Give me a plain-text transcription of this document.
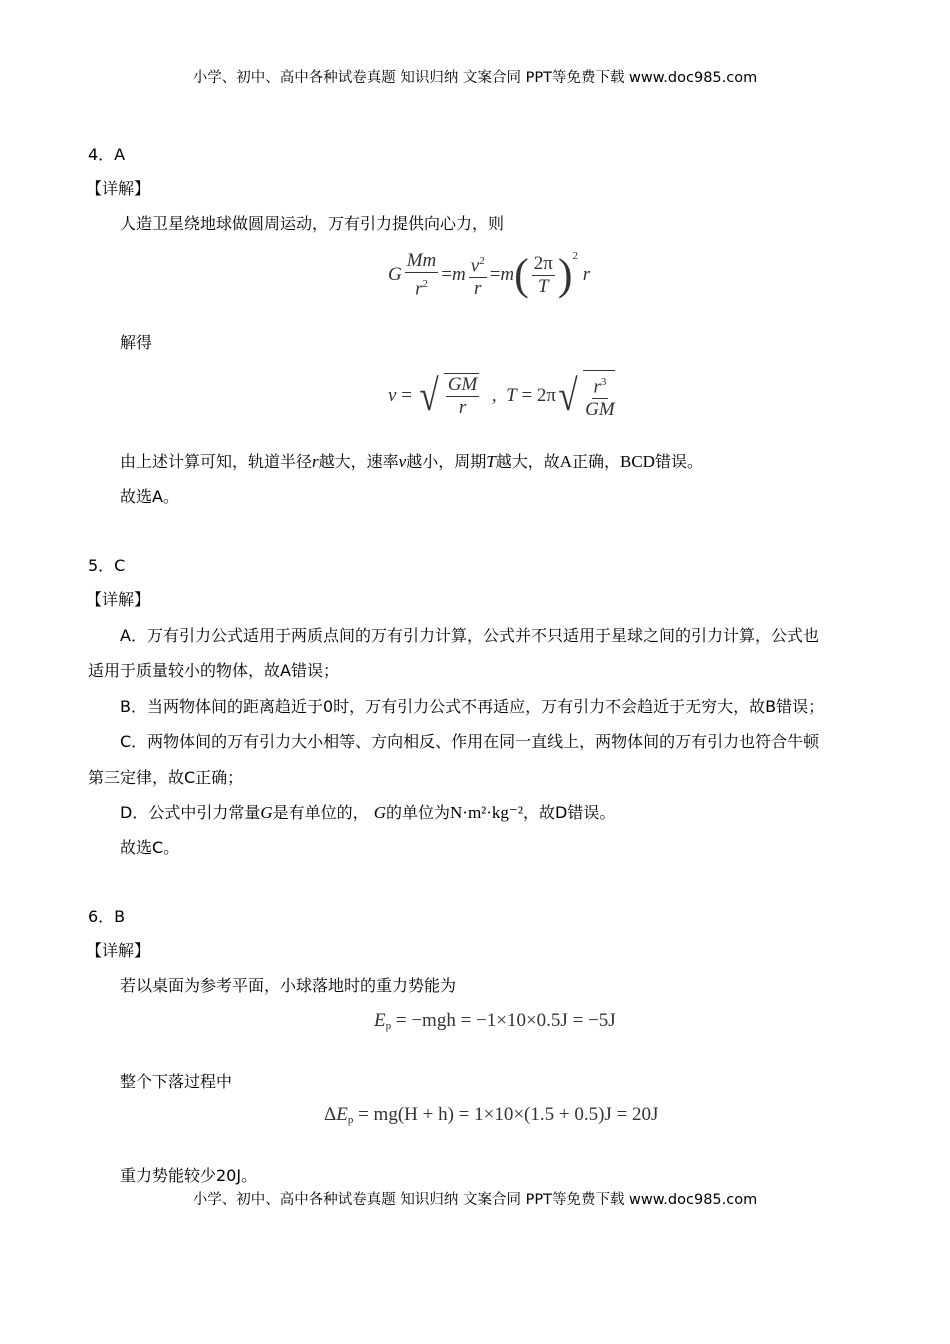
小学、初中、高中各种试卷真题 知识归纳 文案合同 PPT等免费下载 www.doc985.com
4．A
【详解】
人造卫星绕地球做圆周运动，万有引力提供向心力，则
G $\frac{Mm}{r^2} = m \frac{v^2}{r} = m$ ( $\frac{2\pi}{T} )^2$

r
解得
v = √ $\frac{GM}{r}$ , T = 2π √ $\frac{r^3}{GM}$
由上述计算可知，轨道半径r越大，速率v越小，周期T越大，故A正确，BCD错误。
故选A。
5．C
【详解】
A．万有引力公式适用于两质点间的万有引力计算，公式并不只适用于星球之间的引力计算，公式也
适用于质量较小的物体，故A错误；
B．当两物体间的距离趋近于0时，万有引力公式不再适应，万有引力不会趋近于无穷大，故B错误；
C．两物体间的万有引力大小相等、方向相反、作用在同一直线上，两物体间的万有引力也符合牛顿
第三定律，故C正确；
D．公式中引力常量G是有单位的， G的单位为N·m²·kg⁻²，故D错误。
故选C。
6．B
【详解】
若以桌面为参考平面，小球落地时的重力势能为
$E_p$
= −mgh = −1×10×0.5J = −5J
整个下落过程中
Δ $E_p$
= mg(H + h) = 1×10×(1.5 + 0.5)J = 20J
重力势能较少20J。
小学、初中、高中各种试卷真题 知识归纳 文案合同 PPT等免费下载 www.doc985.com
